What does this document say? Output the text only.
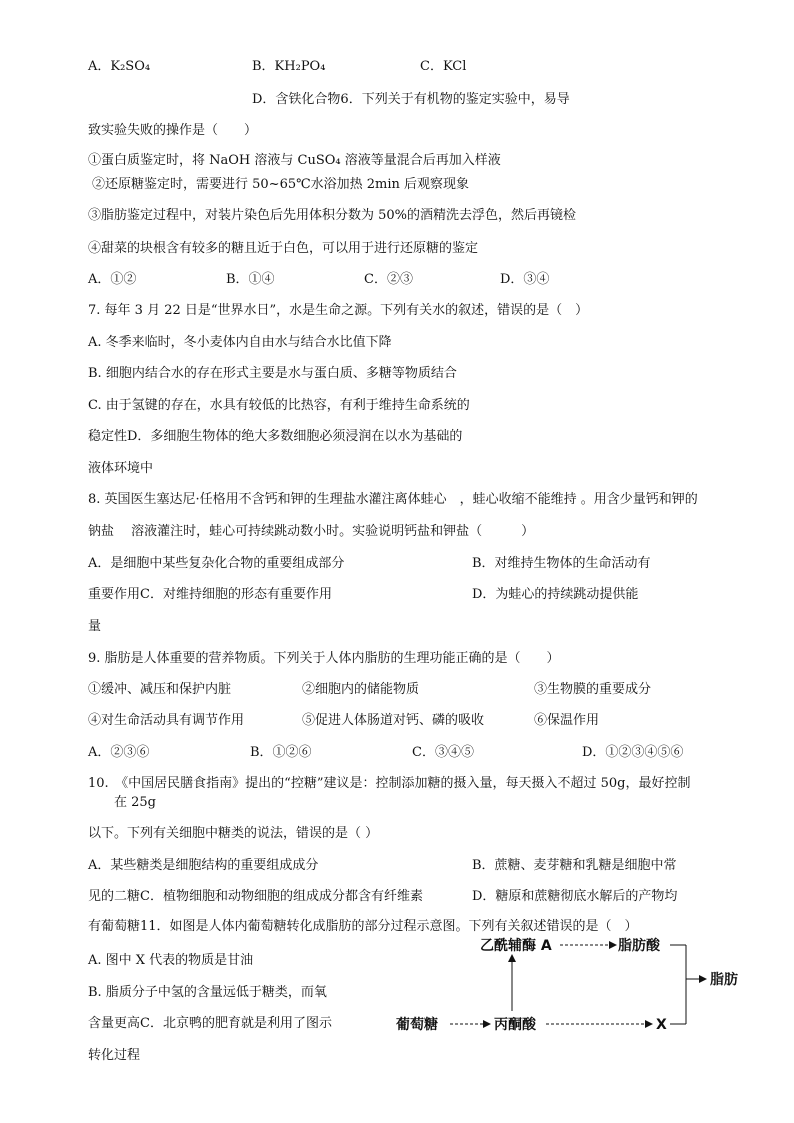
A．K₂SO₄	B．KH₂PO₄	C．KCl
D．含铁化合物6．下列关于有机物的鉴定实验中，易导
致实验失败的操作是（　　）
①蛋白质鉴定时，将 NaOH 溶液与 CuSO₄ 溶液等量混合后再加入样液
②还原糖鉴定时，需要进行 50~65℃水浴加热 2min 后观察现象
③脂肪鉴定过程中，对装片染色后先用体积分数为 50%的酒精洗去浮色，然后再镜检
④甜菜的块根含有较多的糖且近于白色，可以用于进行还原糖的鉴定
A．①②	B．①④	C．②③	D．③④
7. 每年 3 月 22 日是“世界水日”，水是生命之源。下列有关水的叙述，错误的是（　）
A. 冬季来临时，冬小麦体内自由水与结合水比值下降
B. 细胞内结合水的存在形式主要是水与蛋白质、多糖等物质结合
C. 由于氢键的存在，水具有较低的比热容，有利于维持生命系统的
稳定性D．多细胞生物体的绝大多数细胞必须浸润在以水为基础的
液体环境中
8. 英国医生塞达尼·任格用不含钙和钾的生理盐水灌注离体蛙心　，蛙心收缩不能维持 。用含少量钙和钾的
钠盐　 溶液灌注时，蛙心可持续跳动数小时。实验说明钙盐和钾盐（　　　）
A．是细胞中某些复杂化合物的重要组成部分	B．对维持生物体的生命活动有
重要作用C．对维持细胞的形态有重要作用	D．为蛙心的持续跳动提供能
量
9. 脂肪是人体重要的营养物质。下列关于人体内脂肪的生理功能正确的是（　　）
①缓冲、减压和保护内脏	②细胞内的储能物质	③生物膜的重要成分
④对生命活动具有调节作用	⑤促进人体肠道对钙、磷的吸收	⑥保温作用
A．②③⑥	B．①②⑥	C．③④⑤	D．①②③④⑤⑥
10.　《中国居民膳食指南》提出的“控糖”建议是：控制添加糖的摄入量，每天摄入不超过 50g，最好控制
在 25g
以下。下列有关细胞中糖类的说法，错误的是（ ）
A．某些糖类是细胞结构的重要组成成分	B．蔗糖、麦芽糖和乳糖是细胞中常
见的二糖C．植物细胞和动物细胞的组成成分都含有纤维素	D．糖原和蔗糖彻底水解后的产物均
有葡萄糖11．如图是人体内葡萄糖转化成脂肪的部分过程示意图。下列有关叙述错误的是（　）
A. 图中 X 代表的物质是甘油
B. 脂质分子中氢的含量远低于糖类，而氧
含量更高C．北京鸭的肥育就是利用了图示
转化过程
乙酰辅酶 A	脂肪酸
脂肪
葡萄糖	丙酮酸	X
